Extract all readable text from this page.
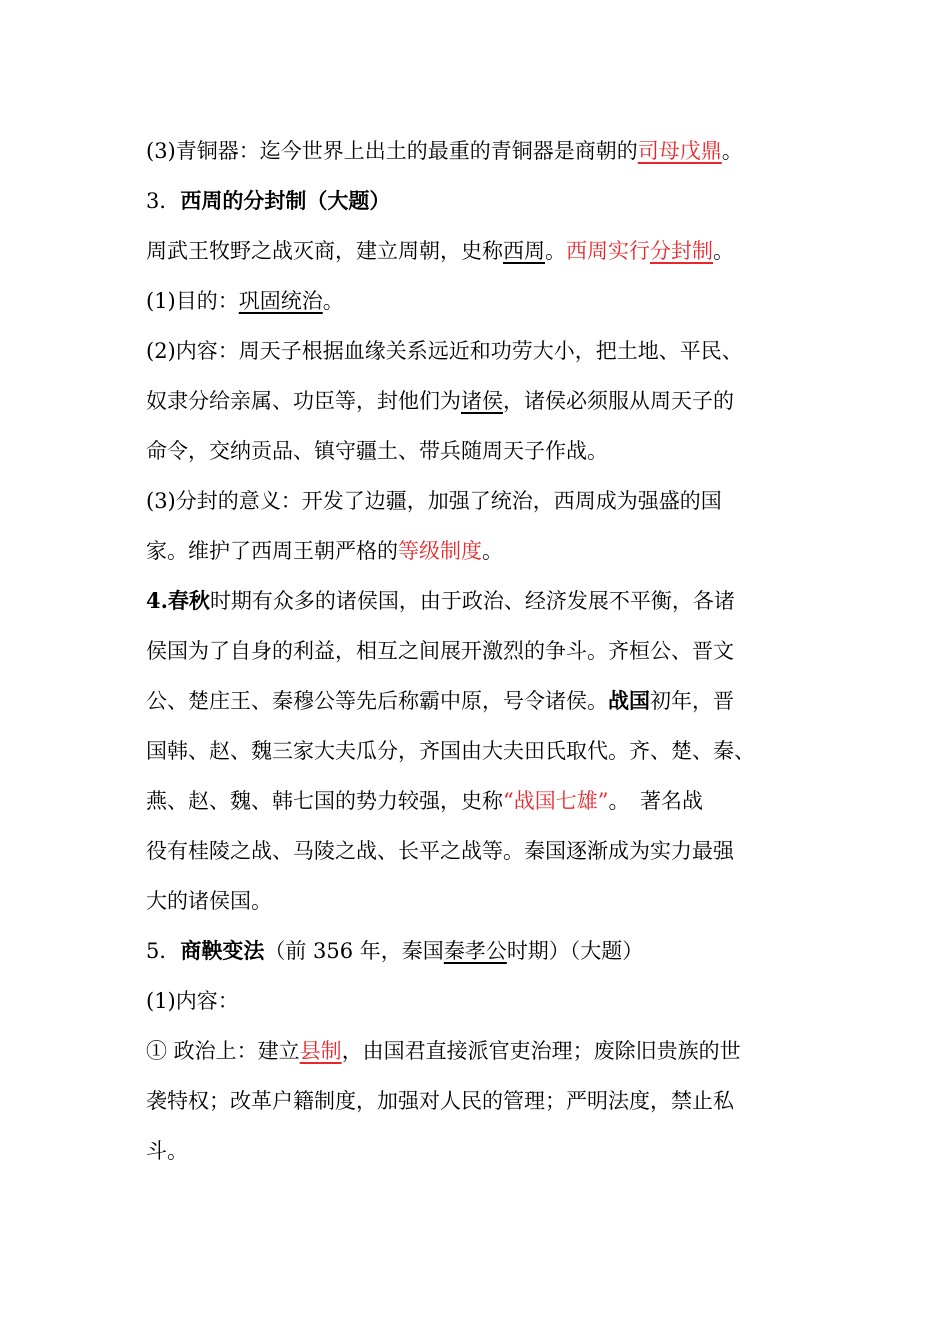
(3)青铜器：迄今世界上出土的最重的青铜器是商朝的司母戊鼎。
3．西周的分封制（大题）
周武王牧野之战灭商，建立周朝，史称西周。西周实行分封制。
(1)目的：巩固统治。
(2)内容：周天子根据血缘关系远近和功劳大小，把土地、平民、
奴隶分给亲属、功臣等，封他们为诸侯，诸侯必须服从周天子的
命令，交纳贡品、镇守疆土、带兵随周天子作战。
(3)分封的意义：开发了边疆，加强了统治，西周成为强盛的国
家。维护了西周王朝严格的等级制度。
4.春秋时期有众多的诸侯国，由于政治、经济发展不平衡，各诸
侯国为了自身的利益，相互之间展开激烈的争斗。齐桓公、晋文
公、楚庄王、秦穆公等先后称霸中原，号令诸侯。战国初年，晋
国韩、赵、魏三家大夫瓜分，齐国由大夫田氏取代。齐、楚、秦、
燕、赵、魏、韩七国的势力较强，史称“战国七雄”。　著名战
役有桂陵之战、马陵之战、长平之战等。秦国逐渐成为实力最强
大的诸侯国。
5．商鞅变法（前 356 年，秦国秦孝公时期）（大题）
(1)内容：
① 政治上：建立县制，由国君直接派官吏治理；废除旧贵族的世
袭特权；改革户籍制度，加强对人民的管理；严明法度，禁止私
斗。
